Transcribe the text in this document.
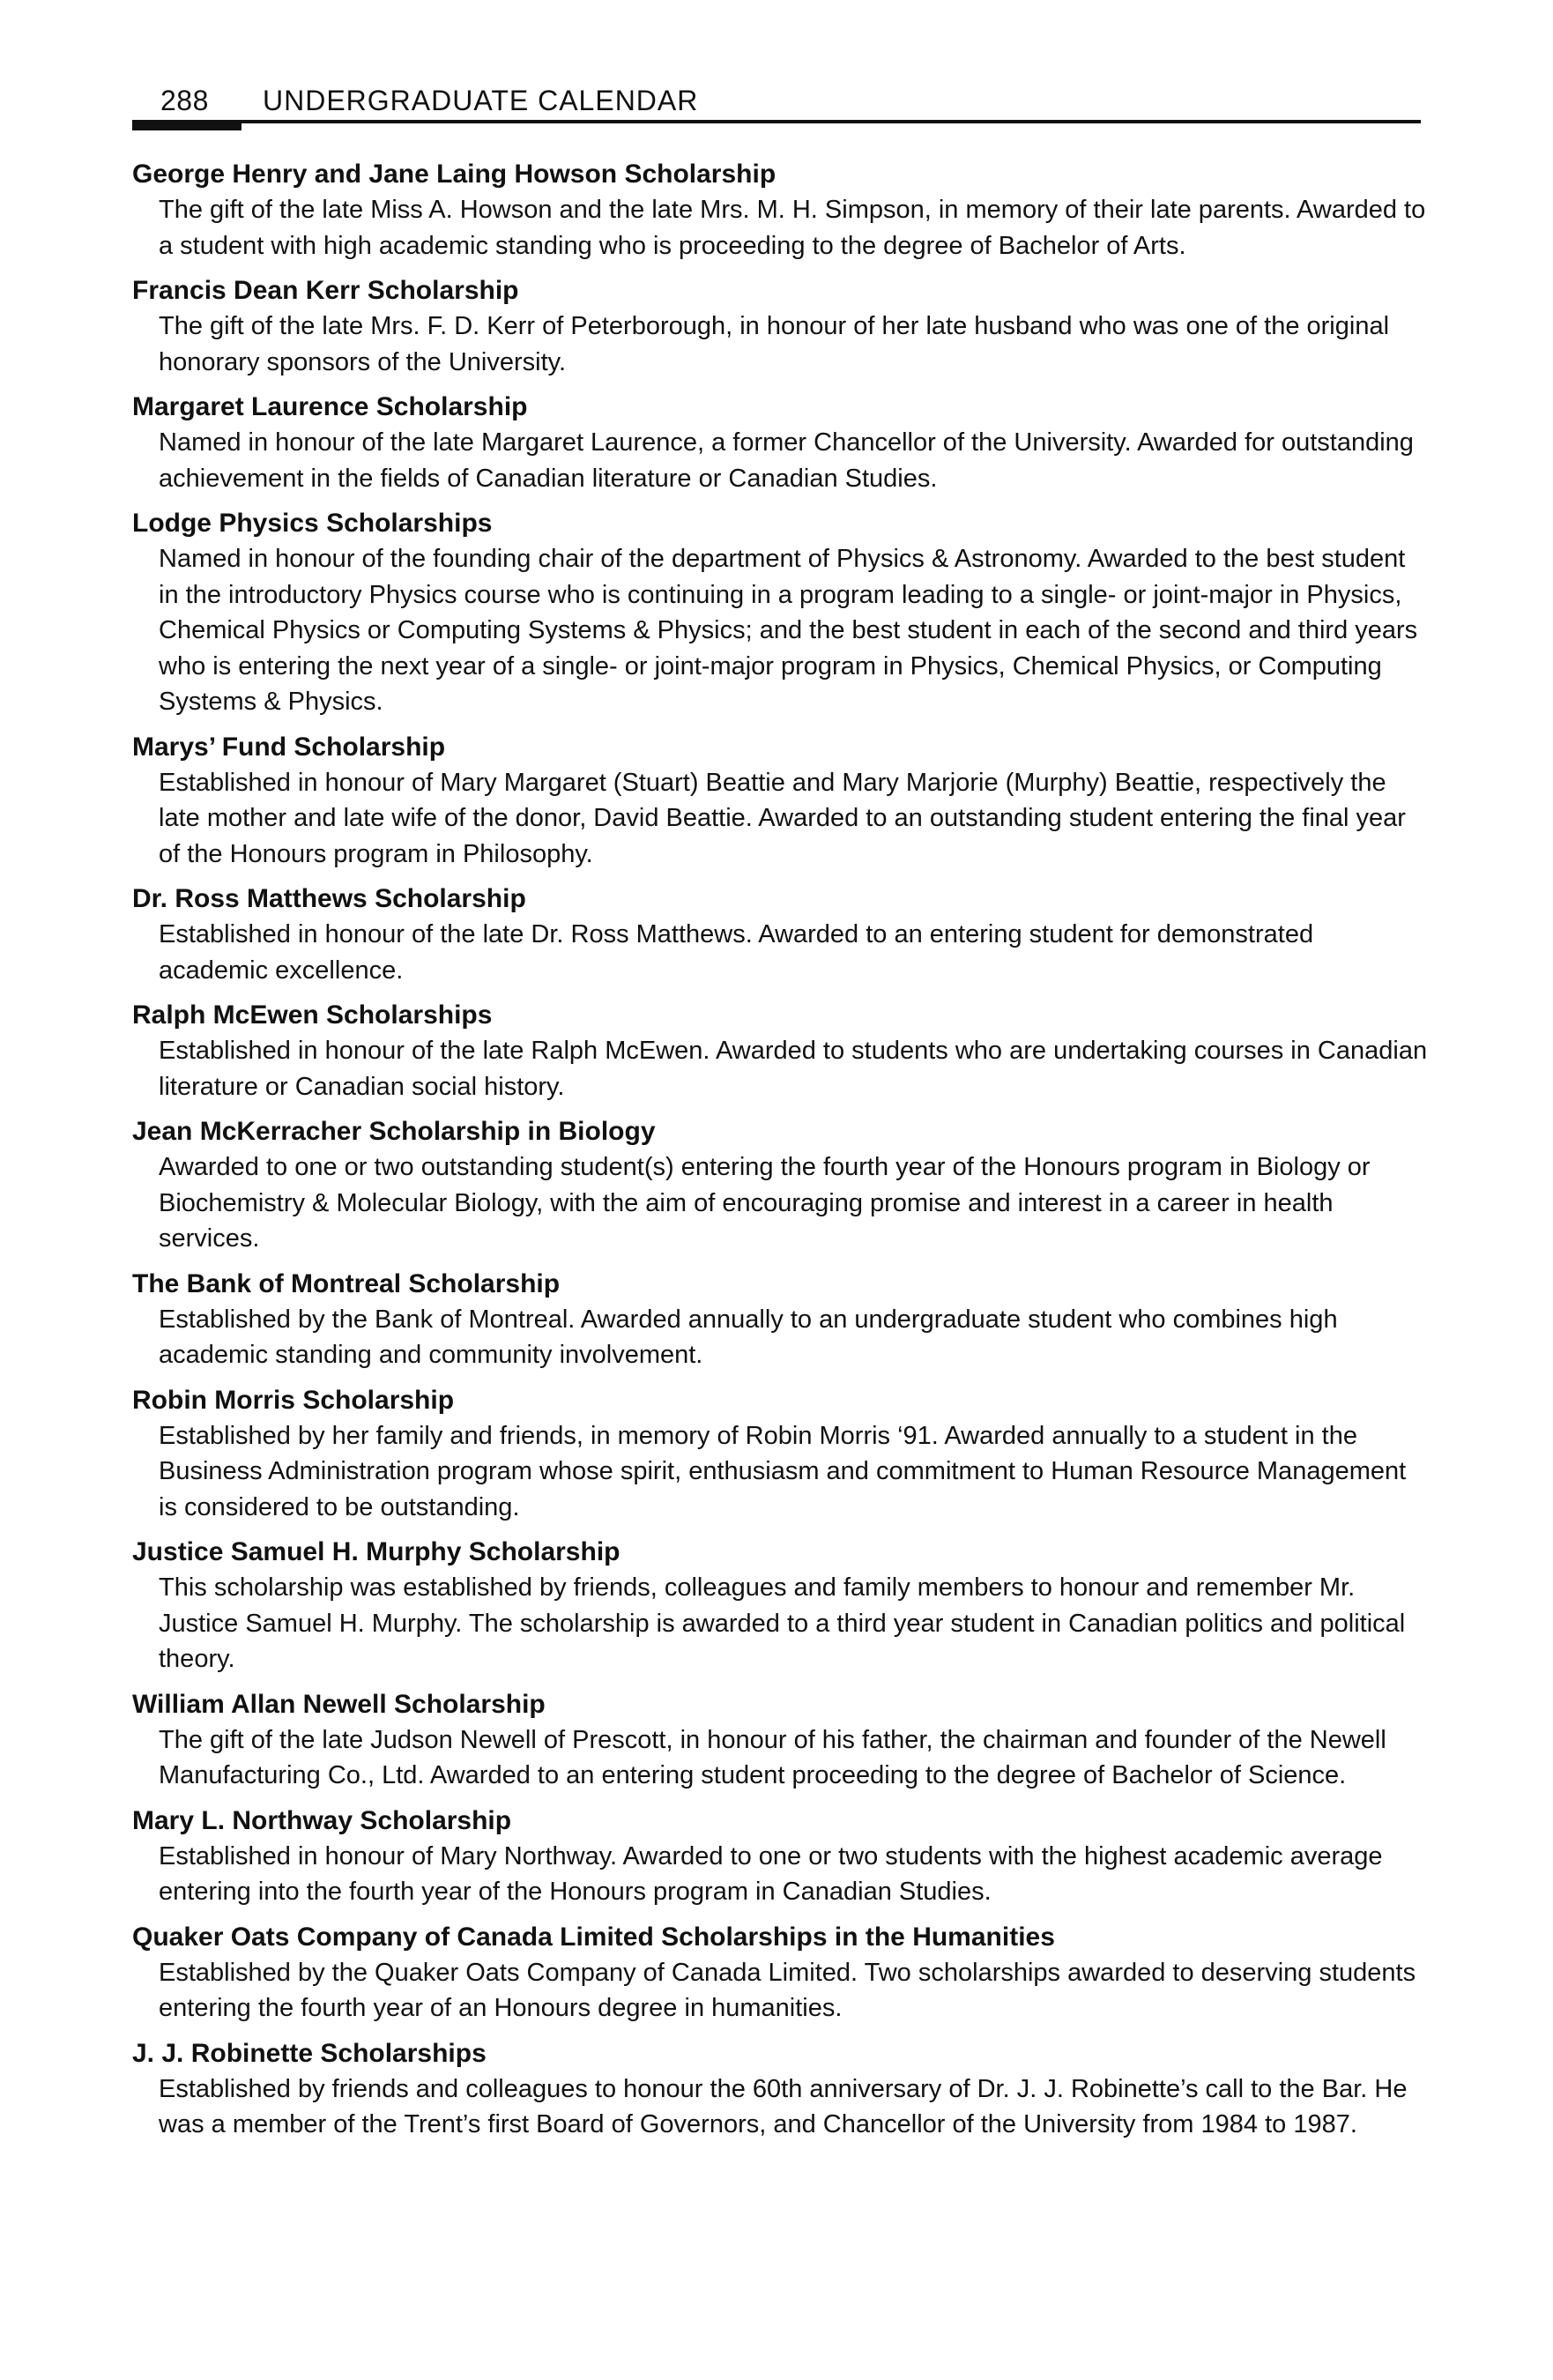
288 UNDERGRADUATE CALENDAR

George Henry and Jane Laing Howson Scholarship

The gift of the late Miss A. Howson and the late Mrs. M. H. Simpson, in memory of their late parents. Awarded to a student with high academic standing who is proceeding to the degree of Bachelor of Arts.

Francis Dean Kerr Scholarship

The gift of the late Mrs. F. D. Kerr of Peterborough, in honour of her late husband who was one of the original honorary sponsors of the University.

Margaret Laurence Scholarship

Named in honour of the late Margaret Laurence, a former Chancellor of the University. Awarded for outstanding achievement in the fields of Canadian literature or Canadian Studies.

Lodge Physics Scholarships

Named in honour of the founding chair of the department of Physics & Astronomy. Awarded to the best student in the introductory Physics course who is continuing in a program leading to a single- or joint-major in Physics, Chemical Physics or Computing Systems & Physics; and the best student in each of the second and third years who is entering the next year of a single- or joint-major program in Physics, Chemical Physics, or Computing Systems & Physics.

Marys’ Fund Scholarship

Established in honour of Mary Margaret (Stuart) Beattie and Mary Marjorie (Murphy) Beattie, respectively the late mother and late wife of the donor, David Beattie. Awarded to an outstanding student entering the final year of the Honours program in Philosophy.

Dr. Ross Matthews Scholarship

Established in honour of the late Dr. Ross Matthews. Awarded to an entering student for demonstrated academic excellence.

Ralph McEwen Scholarships

Established in honour of the late Ralph McEwen. Awarded to students who are undertaking courses in Canadian literature or Canadian social history.

Jean McKerracher Scholarship in Biology

Awarded to one or two outstanding student(s) entering the fourth year of the Honours program in Biology or Biochemistry & Molecular Biology, with the aim of encouraging promise and interest in a career in health services.

The Bank of Montreal Scholarship

Established by the Bank of Montreal. Awarded annually to an undergraduate student who combines high academic standing and community involvement.

Robin Morris Scholarship

Established by her family and friends, in memory of Robin Morris ‘91. Awarded annually to a student in the Business Administration program whose spirit, enthusiasm and commitment to Human Resource Management is considered to be outstanding.

Justice Samuel H. Murphy Scholarship

This scholarship was established by friends, colleagues and family members to honour and remember Mr. Justice Samuel H. Murphy. The scholarship is awarded to a third year student in Canadian politics and political theory.

William Allan Newell Scholarship

The gift of the late Judson Newell of Prescott, in honour of his father, the chairman and founder of the Newell Manufacturing Co., Ltd. Awarded to an entering student proceeding to the degree of Bachelor of Science.

Mary L. Northway Scholarship

Established in honour of Mary Northway. Awarded to one or two students with the highest academic average entering into the fourth year of the Honours program in Canadian Studies.

Quaker Oats Company of Canada Limited Scholarships in the Humanities

Established by the Quaker Oats Company of Canada Limited. Two scholarships awarded to deserving students entering the fourth year of an Honours degree in humanities.

J. J. Robinette Scholarships

Established by friends and colleagues to honour the 60th anniversary of Dr. J. J. Robinette’s call to the Bar. He was a member of the Trent’s first Board of Governors, and Chancellor of the University from 1984 to 1987.
